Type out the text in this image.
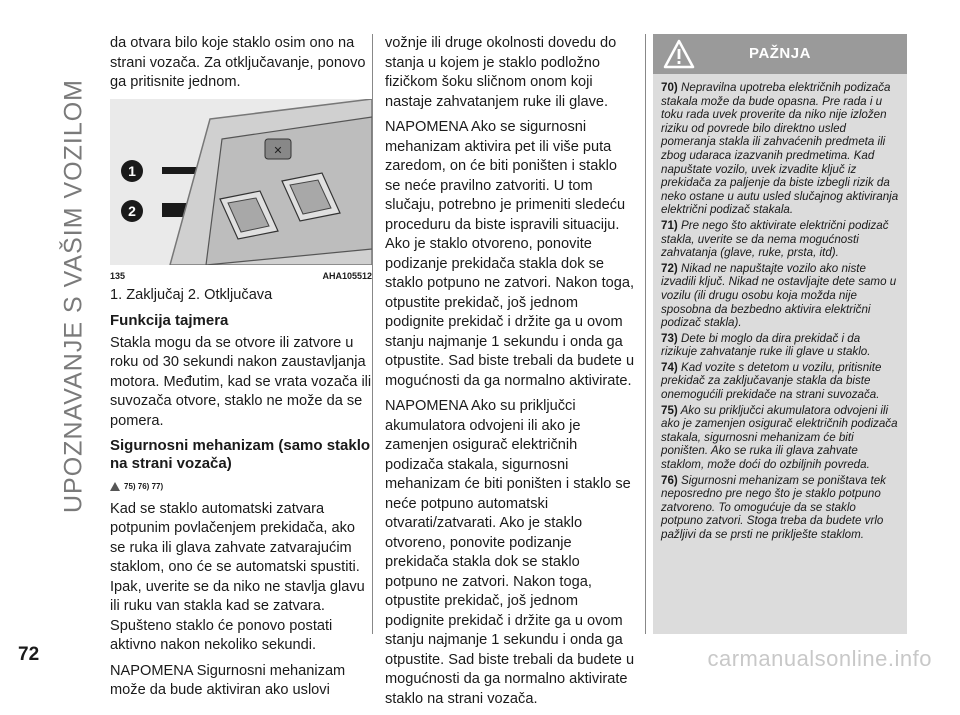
UPOZNAVANJE S VAŠIM VOZILOM

da otvara bilo koje staklo osim ono na strani vozača. Za otključavanje, ponovo ga pritisnite jednom.

1
2
✕
135	AHA105512

1. Zaključaj 2. Otključava

Funkcija tajmera

Stakla mogu da se otvore ili zatvore u roku od 30 sekundi nakon zaustavljanja motora. Međutim, kad se vrata vozača ili suvozača otvore, staklo ne može da se pomera.

Sigurnosni mehanizam (samo staklo na strani vozača)
75) 76) 77)

Kad se staklo automatski zatvara potpunim povlačenjem prekidača, ako se ruka ili glava zahvate zatvarajućim staklom, ono će se automatski spustiti. Ipak, uverite se da niko ne stavlja glavu ili ruku van stakla kad se zatvara. Spušteno staklo će ponovo postati aktivno nakon nekoliko sekundi.

NAPOMENA Sigurnosni mehanizam može da bude aktiviran ako uslovi

vožnje ili druge okolnosti dovedu do stanja u kojem je staklo podložno fizičkom šoku sličnom onom koji nastaje zahvatanjem ruke ili glave.

NAPOMENA Ako se sigurnosni mehanizam aktivira pet ili više puta zaredom, on će biti poništen i staklo se neće pravilno zatvoriti. U tom slučaju, potrebno je primeniti sledeću proceduru da biste ispravili situaciju. Ako je staklo otvoreno, ponovite podizanje prekidača stakla dok se staklo potpuno ne zatvori. Nakon toga, otpustite prekidač, još jednom podignite prekidač i držite ga u ovom stanju najmanje 1 sekundu i onda ga otpustite. Sad biste trebali da budete u mogućnosti da ga normalno aktivirate.

NAPOMENA Ako su priključci akumulatora odvojeni ili ako je zamenjen osigurač električnih podizača stakala, sigurnosni mehanizam će biti poništen i staklo se neće potpuno automatski otvarati/zatvarati. Ako je staklo otvoreno, ponovite podizanje prekidača stakla dok se staklo potpuno ne zatvori. Nakon toga, otpustite prekidač, još jednom podignite prekidač i držite ga u ovom stanju najmanje 1 sekundu i onda ga otpustite. Sad biste trebali da budete u mogućnosti da ga normalno aktivirate staklo na strani vozača.

PAŽNJA

70) Nepravilna upotreba električnih podizača stakala može da bude opasna. Pre rada i u toku rada uvek proverite da niko nije izložen riziku od povrede bilo direktno usled pomeranja stakla ili zahvaćenih predmeta ili zbog udaraca izazvanih predmetima. Kad napuštate vozilo, uvek izvadite ključ iz prekidača za paljenje da biste izbegli rizik da neko ostane u autu usled slučajnog aktiviranja električni podizač stakala.

71) Pre nego što aktivirate električni podizač stakla, uverite se da nema mogućnosti zahvatanja (glave, ruke, prsta, itd).

72) Nikad ne napuštajte vozilo ako niste izvadili ključ. Nikad ne ostavljajte dete samo u vozilu (ili drugu osobu koja možda nije sposobna da bezbedno aktivira električni podizač stakla).

73) Dete bi moglo da dira prekidač i da rizikuje zahvatanje ruke ili glave u staklo.

74) Kad vozite s detetom u vozilu, pritisnite prekidač za zaključavanje stakla da biste onemogućili prekidače na strani suvozača.

75) Ako su priključci akumulatora odvojeni ili ako je zamenjen osigurač električnih podizača stakala, sigurnosni mehanizam će biti poništen. Ako se ruka ili glava zahvate staklom, može doći do ozbiljnih povreda.

76) Sigurnosni mehanizam se poništava tek neposredno pre nego što je staklo potpuno zatvoreno. To omogućuje da se staklo potpuno zatvori. Stoga treba da budete vrlo pažljivi da se prsti ne priklještе staklom.

72	carmanualsonline.info
